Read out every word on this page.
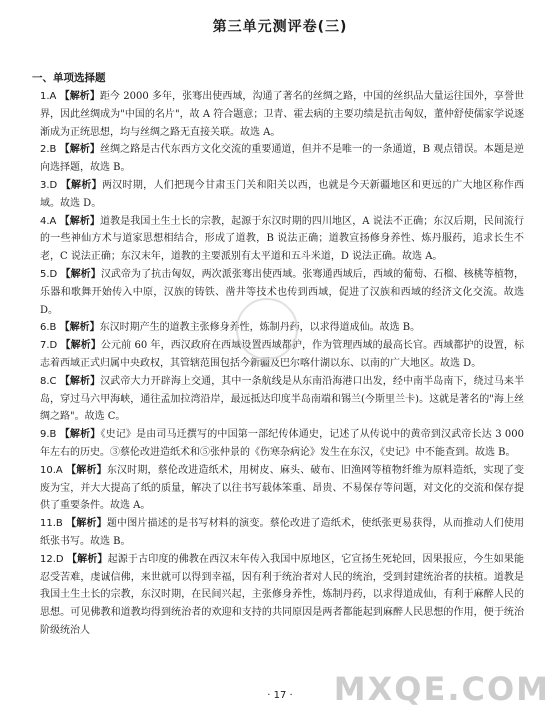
第三单元测评卷(三)
一、单项选择题

1.A 【解析】距今 2000 多年，张骞出使西域，沟通了著名的丝绸之路，中国的丝织品大量运往国外，享誉世界，因此丝绸成为"中国的名片"，故 A 符合题意；卫青、霍去病的主要功绩是抗击匈奴，董仲舒使儒家学说逐渐成为正统思想，均与丝绸之路无直接关联。故选 A。

2.B 【解析】丝绸之路是古代东西方文化交流的重要通道，但并不是唯一的一条通道，B 观点错误。本题是逆向选择题，故选 B。

3.D 【解析】两汉时期，人们把现今甘肃玉门关和阳关以西，也就是今天新疆地区和更远的广大地区称作西域。故选 D。

4.A 【解析】道教是我国土生土长的宗教，起源于东汉时期的四川地区，A 说法不正确；东汉后期，民间流行的一些神仙方术与道家思想相结合，形成了道教，B 说法正确；道教宣扬修身养性、炼丹服药，追求长生不老，C 说法正确；东汉末年，道教的主要派别有太平道和五斗米道，D 说法正确。故选 A。

5.D 【解析】汉武帝为了抗击匈奴，两次派张骞出使西域。张骞通西域后，西域的葡萄、石榴、核桃等植物，乐器和歌舞开始传入中原，汉族的铸铁、凿井等技术也传到西域，促进了汉族和西域的经济文化交流。故选 D。

6.B 【解析】东汉时期产生的道教主张修身养性，炼制丹药，以求得道成仙。故选 B。

7.D 【解析】公元前 60 年，西汉政府在西域设置西域都护，作为管理西域的最高长官。西域都护的设置，标志着西域正式归属中央政权，其管辖范围包括今新疆及巴尔喀什湖以东、以南的广大地区。故选 D。

8.C 【解析】汉武帝大力开辟海上交通，其中一条航线是从东南沿海港口出发，经中南半岛南下，绕过马来半岛，穿过马六甲海峡，通往孟加拉湾沿岸，最远抵达印度半岛南端和锡兰(今斯里兰卡)。这就是著名的"海上丝绸之路"。故选 C。

9.B 【解析】《史记》是由司马迁撰写的中国第一部纪传体通史，记述了从传说中的黄帝到汉武帝长达 3 000 年左右的历史。③蔡伦改进造纸术和⑤张仲景的《伤寒杂病论》发生在东汉，《史记》中不能查到。故选 B。

10.A 【解析】东汉时期，蔡伦改进造纸术，用树皮、麻头、破布、旧渔网等植物纤维为原料造纸，实现了变废为宝，并大大提高了纸的质量，解决了以往书写载体笨重、昂贵、不易保存等问题，对文化的交流和保存提供了重要条件。故选 A。

11.B 【解析】题中图片描述的是书写材料的演变。蔡伦改进了造纸术，使纸张更易获得，从而推动人们使用纸张书写。故选 B。

12.D 【解析】起源于古印度的佛教在西汉末年传入我国中原地区，它宣扬生死轮回，因果报应，今生如果能忍受苦难，虔诚信佛，来世就可以得到幸福，因有利于统治者对人民的统治，受到封建统治者的扶植。道教是我国土生土长的宗教，东汉时期，在民间兴起，主张修身养性，炼制丹药，以求得道成仙，有利于麻醉人民的思想。可见佛教和道教均得到统治者的欢迎和支持的共同原因是两者都能起到麻醉人民思想的作用，便于统治阶级统治人

· 17 ·	MXQE.COM
